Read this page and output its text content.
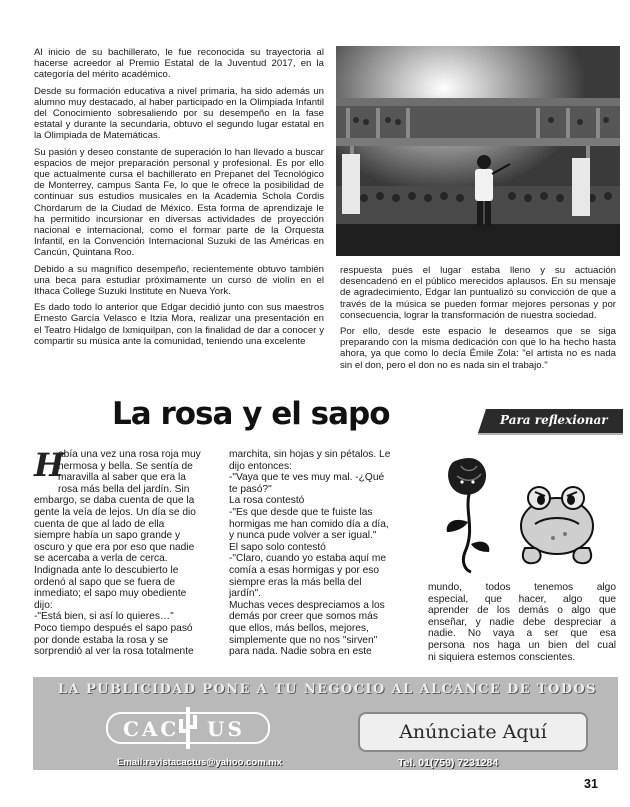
Al inicio de su bachillerato, le fue reconocida su trayectoria al hacerse acreedor al Premio Estatal de la Juventud 2017, en la categoría del mérito académico.

Desde su formación educativa a nivel primaria, ha sido además un alumno muy destacado, al haber participado en la Olimpiada Infantil del Conocimiento sobresaliendo por su desempeño en la fase estatal y durante la secundaria, obtuvo el segundo lugar estatal en la Olimpiada de Matemáticas.

Su pasión y deseo constante de superación lo han llevado a buscar espacios de mejor preparación personal y profesional. Es por ello que actualmente cursa el bachillerato en Prepanet del Tecnológico de Monterrey, campus Santa Fe, lo que le ofrece la posibilidad de continuar sus estudios musicales en la Academia Schola Cordis Chordarum de la Ciudad de México. Esta forma de aprendizaje le ha permitido incursionar en diversas actividades de proyección nacional e internacional, como el formar parte de la Orquesta Infantil, en la Convención Internacional Suzuki de las Américas en Cancún, Quintana Roo.

Debido a su magnífico desempeño, recientemente obtuvo también una beca para estudiar próximamente un curso de violín en el Ithaca College Suzuki Institute en Nueva York.

Es dado todo lo anterior que Edgar decidió junto con sus maestros Ernesto García Velasco e Itzia Mora, realizar una presentación en el Teatro Hidalgo de Ixmiquilpan, con la finalidad de dar a conocer y compartir su música ante la comunidad, teniendo una excelente

respuesta pues el lugar estaba lleno y su actuación desencadenó en el público merecidos aplausos. En su mensaje de agradecimiento, Edgar lan puntualizó su convicción de que a través de la música se pueden formar mejores personas y por consecuencia, lograr la transformación de nuestra sociedad.

Por ello, desde este espacio le deseamos que se siga preparando con la misma dedicación con que lo ha hecho hasta ahora, ya que como lo decía Émile Zola: "el artista no es nada sin el don, pero el don no es nada sin el trabajo."

La rosa y el sapo	Para reflexionar
H
abía una vez una rosa roja muy
hermosa y bella. Se sentía de
maravilla al saber que era la
rosa más bella del jardín. Sin
embargo, se daba cuenta de que la
gente la veía de lejos. Un día se dio
cuenta de que al lado de ella
siempre había un sapo grande y
oscuro y que era por eso que nadie
se acercaba a verla de cerca.
Indignada ante lo descubierto le
ordenó al sapo que se fuera de
inmediato; el sapo muy obediente
dijo:
-"Está bien, si así lo quieres…"
Poco tiempo después el sapo pasó
por donde estaba la rosa y se
sorprendió al ver la rosa totalmente
marchita, sin hojas y sin pétalos. Le
dijo entonces:
-"Vaya que te ves muy mal. -¿Qué
te pasó?"
La rosa contestó
-"Es que desde que te fuiste las
hormigas me han comido día a día,
y nunca pude volver a ser igual."
El sapo solo contestó
-"Claro, cuando yo estaba aquí me
comía a esas hormigas y por eso
siempre eras la más bella del
jardín".
Muchas veces despreciamos a los
demás por creer que somos más
que ellos, más bellos, mejores,
simplemente que no nos "sirven"
para nada. Nadie sobra en este
mundo, todos tenemos algo
especial, que hacer, algo que
aprender de los demás o algo que
enseñar, y nadie debe despreciar a
nadie. No vaya a ser que esa
persona nos haga un bien del cual
ni siquiera estemos conscientes.
LA PUBLICIDAD PONE A TU NEGOCIO AL ALCANCE DE TODOS
CAC US
Email:revistacactus@yahoo.com.mx
Anúnciate Aquí
Tel. 01(759) 7231284
31
